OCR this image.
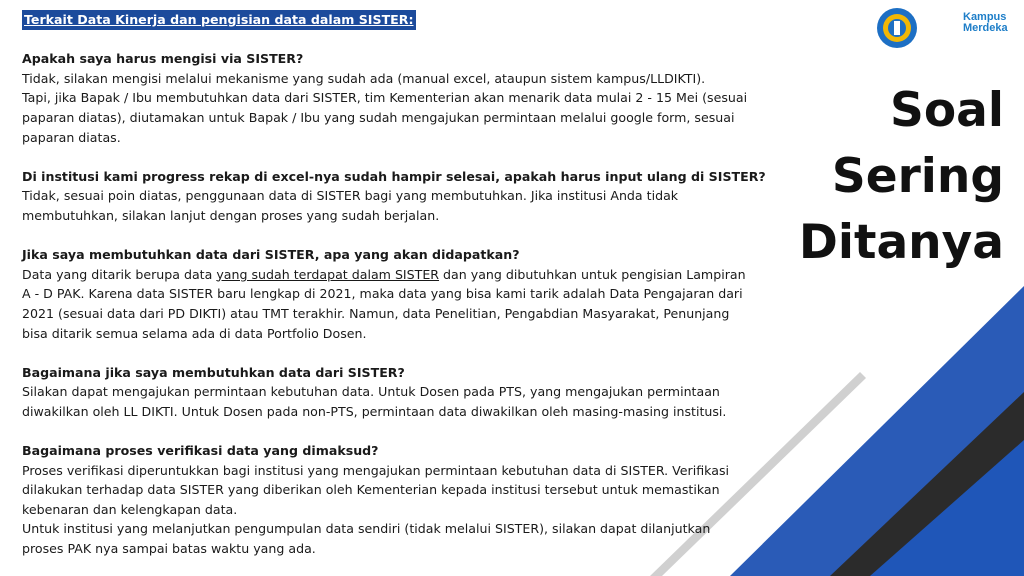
Kampus
Merdeka
Soal
Sering
Ditanya
Terkait Data Kinerja dan pengisian data dalam SISTER:

Apakah saya harus mengisi via SISTER?

Tidak, silakan mengisi melalui mekanisme yang sudah ada (manual excel, ataupun sistem kampus/LLDIKTI).

Tapi, jika Bapak / Ibu membutuhkan data dari SISTER, tim Kementerian akan menarik data mulai 2 - 15 Mei (sesuai

paparan diatas), diutamakan untuk Bapak / Ibu yang sudah mengajukan permintaan melalui google form, sesuai

paparan diatas.

Di institusi kami progress rekap di excel-nya sudah hampir selesai, apakah harus input ulang di SISTER?

Tidak, sesuai poin diatas, penggunaan data di SISTER bagi yang membutuhkan. Jika institusi Anda tidak

membutuhkan, silakan lanjut dengan proses yang sudah berjalan.

Jika saya membutuhkan data dari SISTER, apa yang akan didapatkan?

Data yang ditarik berupa data yang sudah terdapat dalam SISTER dan yang dibutuhkan untuk pengisian Lampiran

A - D PAK. Karena data SISTER baru lengkap di 2021, maka data yang bisa kami tarik adalah Data Pengajaran dari

2021 (sesuai data dari PD DIKTI) atau TMT terakhir. Namun, data Penelitian, Pengabdian Masyarakat, Penunjang

bisa ditarik semua selama ada di data Portfolio Dosen.

Bagaimana jika saya membutuhkan data dari SISTER?

Silakan dapat mengajukan permintaan kebutuhan data. Untuk Dosen pada PTS, yang mengajukan permintaan

diwakilkan oleh LL DIKTI. Untuk Dosen pada non-PTS, permintaan data diwakilkan oleh masing-masing institusi.

Bagaimana proses verifikasi data yang dimaksud?

Proses verifikasi diperuntukkan bagi institusi yang mengajukan permintaan kebutuhan data di SISTER. Verifikasi

dilakukan terhadap data SISTER yang diberikan oleh Kementerian kepada institusi tersebut untuk memastikan

kebenaran dan kelengkapan data.

Untuk institusi yang melanjutkan pengumpulan data sendiri (tidak melalui SISTER), silakan dapat dilanjutkan

proses PAK nya sampai batas waktu yang ada.
